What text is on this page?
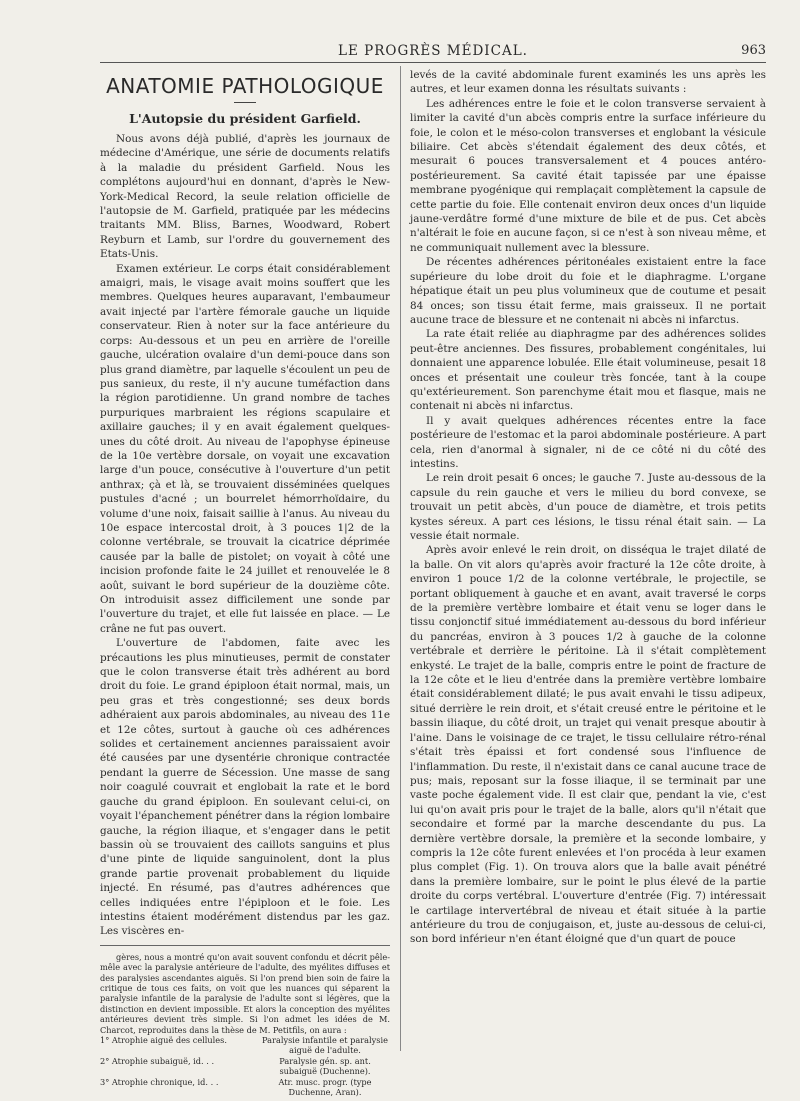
LE PROGRÈS MÉDICAL.	963
ANATOMIE PATHOLOGIQUE
L'Autopsie du président Garfield.

Nous avons déjà publié, d'après les journaux de médecine d'Amérique, une série de documents relatifs à la maladie du président Garfield. Nous les complétons aujourd'hui en donnant, d'après le New-York-Medical Record, la seule relation officielle de l'autopsie de M. Garfield, pratiquée par les médecins traitants MM. Bliss, Barnes, Woodward, Robert Reyburn et Lamb, sur l'ordre du gouvernement des Etats-Unis.

Examen extérieur. Le corps était considérablement amaigri, mais, le visage avait moins souffert que les membres. Quelques heures auparavant, l'embaumeur avait injecté par l'artère fémorale gauche un liquide conservateur. Rien à noter sur la face antérieure du corps: Au-dessous et un peu en arrière de l'oreille gauche, ulcération ovalaire d'un demi-pouce dans son plus grand diamètre, par laquelle s'écoulent un peu de pus sanieux, du reste, il n'y aucune tuméfaction dans la région parotidienne. Un grand nombre de taches purpuriques marbraient les régions scapulaire et axillaire gauches; il y en avait également quelques-unes du côté droit. Au niveau de l'apophyse épineuse de la 10e vertèbre dorsale, on voyait une excavation large d'un pouce, consécutive à l'ouverture d'un petit anthrax; çà et là, se trouvaient disséminées quelques pustules d'acné ; un bourrelet hémorrhoïdaire, du volume d'une noix, faisait saillie à l'anus. Au niveau du 10e espace intercostal droit, à 3 pouces 1|2 de la colonne vertébrale, se trouvait la cicatrice déprimée causée par la balle de pistolet; on voyait à côté une incision profonde faite le 24 juillet et renouvelée le 8 août, suivant le bord supérieur de la douzième côte. On introduisit assez difficilement une sonde par l'ouverture du trajet, et elle fut laissée en place. — Le crâne ne fut pas ouvert.

L'ouverture de l'abdomen, faite avec les précautions les plus minutieuses, permit de constater que le colon transverse était très adhérent au bord droit du foie. Le grand épiploon était normal, mais, un peu gras et très congestionné; ses deux bords adhéraient aux parois abdominales, au niveau des 11e et 12e côtes, surtout à gauche où ces adhérences solides et certainement anciennes paraissaient avoir été causées par une dysentérie chronique contractée pendant la guerre de Sécession. Une masse de sang noir coagulé couvrait et englobait la rate et le bord gauche du grand épiploon. En soulevant celui-ci, on voyait l'épanchement pénétrer dans la région lombaire gauche, la région iliaque, et s'engager dans le petit bassin où se trouvaient des caillots sanguins et plus d'une pinte de liquide sanguinolent, dont la plus grande partie provenait probablement du liquide injecté. En résumé, pas d'autres adhérences que celles indiquées entre l'épiploon et le foie. Les intestins étaient modérément distendus par les gaz. Les viscères en-

gères, nous a montré qu'on avait souvent confondu et décrit pêle-mêle avec la paralysie antérieure de l'adulte, des myélites diffuses et des paralysies ascendantes aiguës. Si l'on prend bien soin de faire la critique de tous ces faits, on voit que les nuances qui séparent la paralysie infantile de la paralysie de l'adulte sont si légères, que la distinction en devient impossible. Et alors la conception des myélites antérieures devient très simple. Si l'on admet les idées de M. Charcot, reproduites dans la thèse de M. Petitfils, on aura :

1° Atrophie aiguë des cellules.	Paralysie infantile et paralysie aiguë de l'adulte.
2° Atrophie subaiguë, id. . .	Paralysie gén. sp. ant. subaiguë (Duchenne).
3° Atrophie chronique, id. . .	Atr. musc. progr. (type Duchenne, Aran).

levés de la cavité abdominale furent examinés les uns après les autres, et leur examen donna les résultats suivants :

Les adhérences entre le foie et le colon transverse servaient à limiter la cavité d'un abcès compris entre la surface inférieure du foie, le colon et le méso-colon transverses et englobant la vésicule biliaire. Cet abcès s'étendait également des deux côtés, et mesurait 6 pouces transversalement et 4 pouces antéro-postérieurement. Sa cavité était tapissée par une épaisse membrane pyogénique qui remplaçait complètement la capsule de cette partie du foie. Elle contenait environ deux onces d'un liquide jaune-verdâtre formé d'une mixture de bile et de pus. Cet abcès n'altérait le foie en aucune façon, si ce n'est à son niveau même, et ne communiquait nullement avec la blessure.

De récentes adhérences péritonéales existaient entre la face supérieure du lobe droit du foie et le diaphragme. L'organe hépatique était un peu plus volumineux que de coutume et pesait 84 onces; son tissu était ferme, mais graisseux. Il ne portait aucune trace de blessure et ne contenait ni abcès ni infarctus.

La rate était reliée au diaphragme par des adhérences solides peut-être anciennes. Des fissures, probablement congénitales, lui donnaient une apparence lobulée. Elle était volumineuse, pesait 18 onces et présentait une couleur très foncée, tant à la coupe qu'extérieurement. Son parenchyme était mou et flasque, mais ne contenait ni abcès ni infarctus.

Il y avait quelques adhérences récentes entre la face postérieure de l'estomac et la paroi abdominale postérieure. A part cela, rien d'anormal à signaler, ni de ce côté ni du côté des intestins.

Le rein droit pesait 6 onces; le gauche 7. Juste au-dessous de la capsule du rein gauche et vers le milieu du bord convexe, se trouvait un petit abcès, d'un pouce de diamètre, et trois petits kystes séreux. A part ces lésions, le tissu rénal était sain. — La vessie était normale.

Après avoir enlevé le rein droit, on disséqua le trajet dilaté de la balle. On vit alors qu'après avoir fracturé la 12e côte droite, à environ 1 pouce 1/2 de la colonne vertébrale, le projectile, se portant obliquement à gauche et en avant, avait traversé le corps de la première vertèbre lombaire et était venu se loger dans le tissu conjonctif situé immédiatement au-dessous du bord inférieur du pancréas, environ à 3 pouces 1/2 à gauche de la colonne vertébrale et derrière le péritoine. Là il s'était complètement enkysté. Le trajet de la balle, compris entre le point de fracture de la 12e côte et le lieu d'entrée dans la première vertèbre lombaire était considérablement dilaté; le pus avait envahi le tissu adipeux, situé derrière le rein droit, et s'était creusé entre le péritoine et le bassin iliaque, du côté droit, un trajet qui venait presque aboutir à l'aine. Dans le voisinage de ce trajet, le tissu cellulaire rétro-rénal s'était très épaissi et fort condensé sous l'influence de l'inflammation. Du reste, il n'existait dans ce canal aucune trace de pus; mais, reposant sur la fosse iliaque, il se terminait par une vaste poche également vide. Il est clair que, pendant la vie, c'est lui qu'on avait pris pour le trajet de la balle, alors qu'il n'était que secondaire et formé par la marche descendante du pus. La dernière vertèbre dorsale, la première et la seconde lombaire, y compris la 12e côte furent enlevées et l'on procéda à leur examen plus complet (Fig. 1). On trouva alors que la balle avait pénétré dans la première lombaire, sur le point le plus élevé de la partie droite du corps vertébral. L'ouverture d'entrée (Fig. 7) intéressait le cartilage intervertébral de niveau et était située à la partie antérieure du trou de conjugaison, et, juste au-dessous de celui-ci, son bord inférieur n'en étant éloigné que d'un quart de pouce
